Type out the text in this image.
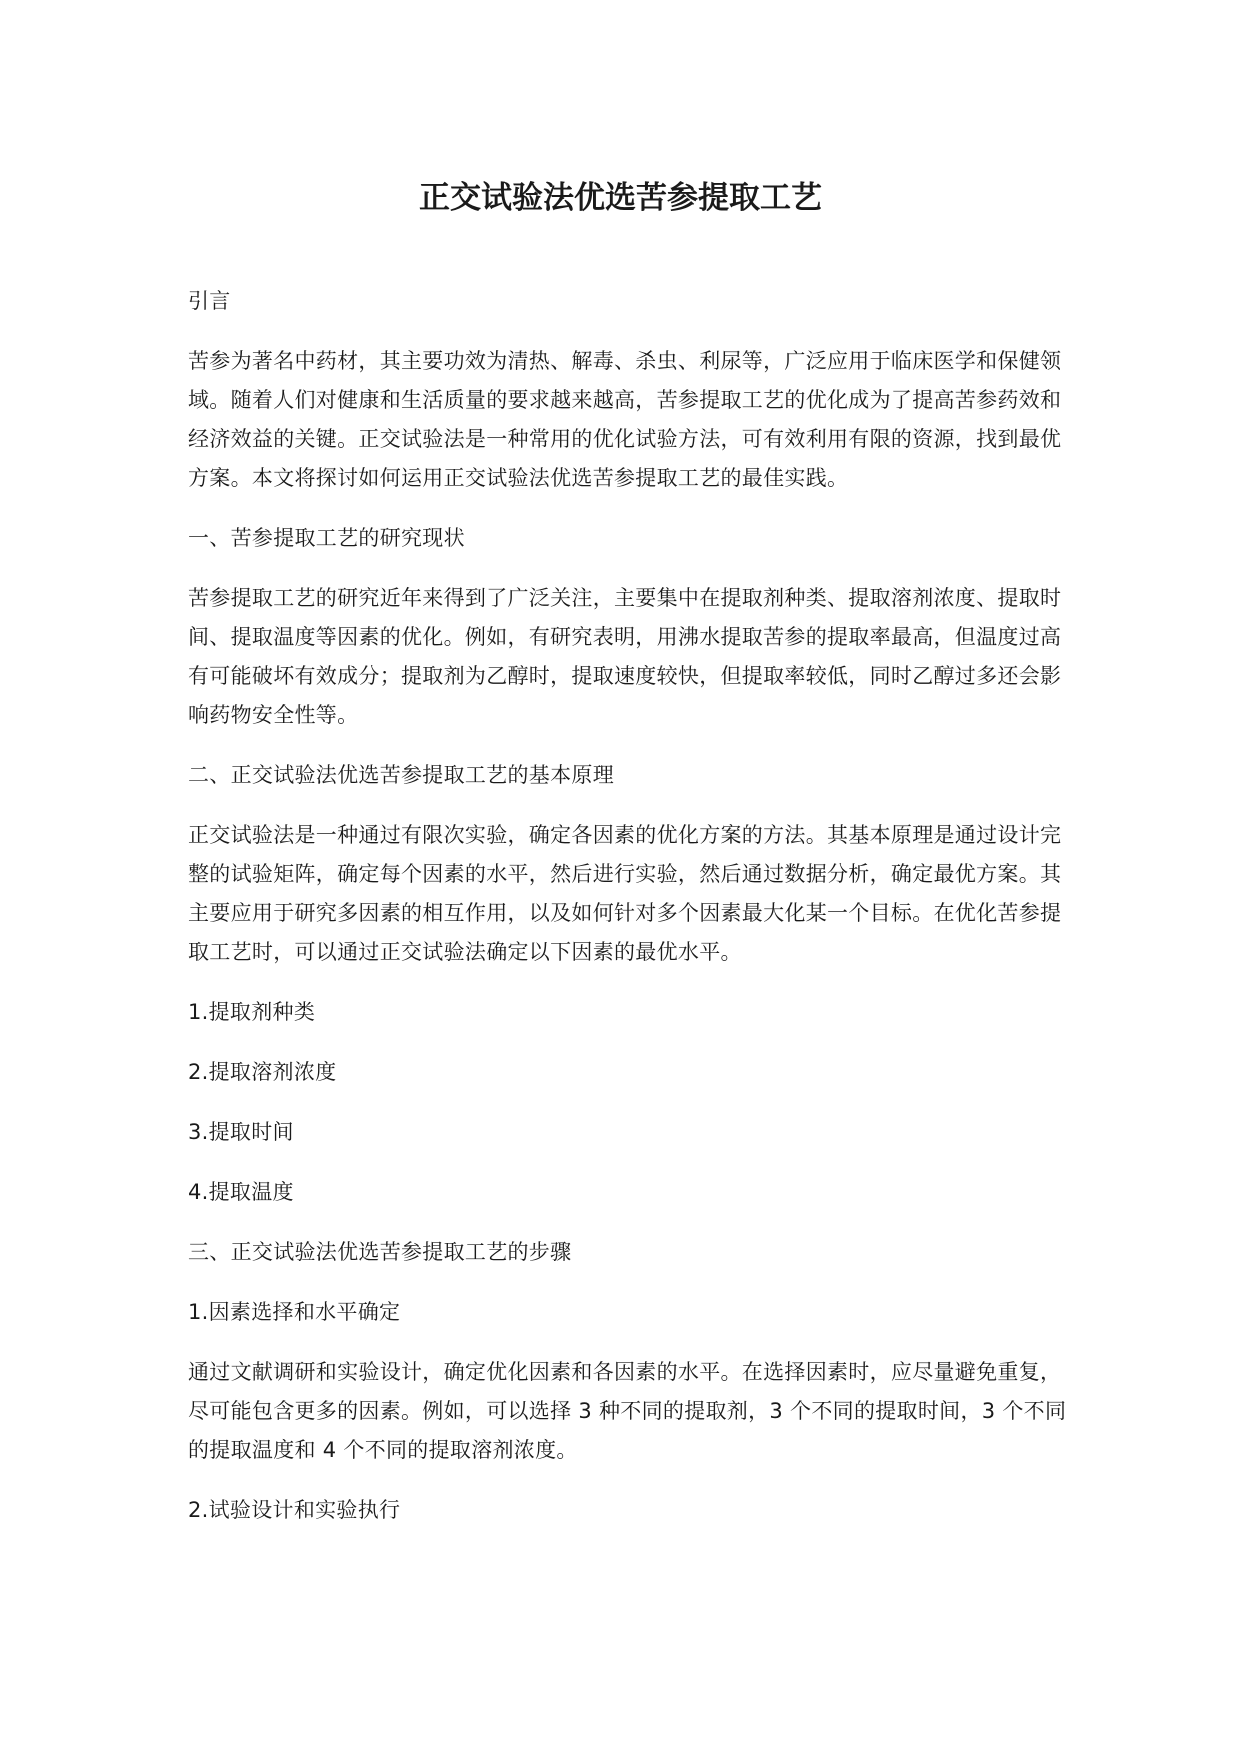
正交试验法优选苦参提取工艺

引言

苦参为著名中药材，其主要功效为清热、解毒、杀虫、利尿等，广泛应用于临床医学和保健领域。随着人们对健康和生活质量的要求越来越高，苦参提取工艺的优化成为了提高苦参药效和经济效益的关键。正交试验法是一种常用的优化试验方法，可有效利用有限的资源，找到最优方案。本文将探讨如何运用正交试验法优选苦参提取工艺的最佳实践。

一、苦参提取工艺的研究现状

苦参提取工艺的研究近年来得到了广泛关注，主要集中在提取剂种类、提取溶剂浓度、提取时间、提取温度等因素的优化。例如，有研究表明，用沸水提取苦参的提取率最高，但温度过高有可能破坏有效成分；提取剂为乙醇时，提取速度较快，但提取率较低，同时乙醇过多还会影响药物安全性等。

二、正交试验法优选苦参提取工艺的基本原理

正交试验法是一种通过有限次实验，确定各因素的优化方案的方法。其基本原理是通过设计完整的试验矩阵，确定每个因素的水平，然后进行实验，然后通过数据分析，确定最优方案。其主要应用于研究多因素的相互作用，以及如何针对多个因素最大化某一个目标。在优化苦参提取工艺时，可以通过正交试验法确定以下因素的最优水平。

1.提取剂种类

2.提取溶剂浓度

3.提取时间

4.提取温度

三、正交试验法优选苦参提取工艺的步骤

1.因素选择和水平确定

通过文献调研和实验设计，确定优化因素和各因素的水平。在选择因素时，应尽量避免重复，尽可能包含更多的因素。例如，可以选择 3 种不同的提取剂，3 个不同的提取时间，3 个不同的提取温度和 4 个不同的提取溶剂浓度。

2.试验设计和实验执行
